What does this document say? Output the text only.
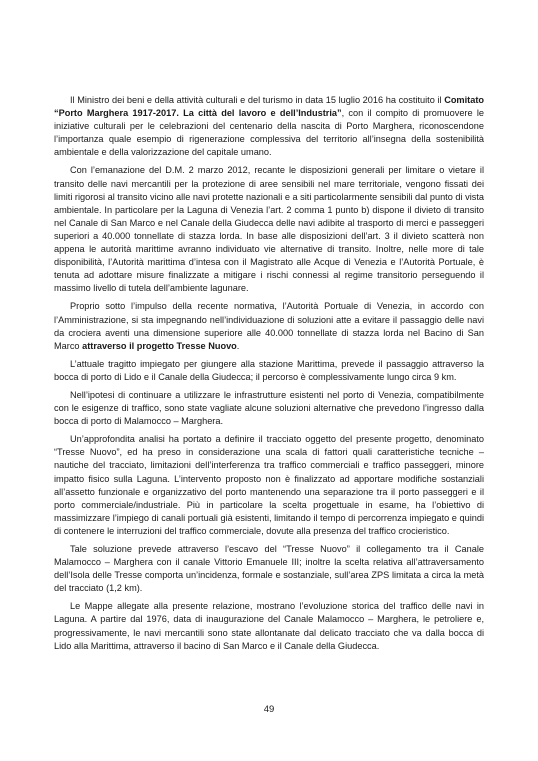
Il Ministro dei beni e della attività culturali e del turismo in data 15 luglio 2016 ha costituito il Comitato “Porto Marghera 1917-2017. La città del lavoro e dell’Industria”, con il compito di promuovere le iniziative culturali per le celebrazioni del centenario della nascita di Porto Marghera, riconoscendone l’importanza quale esempio di rigenerazione complessiva del territorio all’insegna della sostenibilità ambientale e della valorizzazione del capitale umano.

Con l’emanazione del D.M. 2 marzo 2012, recante le disposizioni generali per limitare o vietare il transito delle navi mercantili per la protezione di aree sensibili nel mare territoriale, vengono fissati dei limiti rigorosi al transito vicino alle navi protette nazionali e a siti particolarmente sensibili dal punto di vista ambientale. In particolare per la Laguna di Venezia l’art. 2 comma 1 punto b) dispone il divieto di transito nel Canale di San Marco e nel Canale della Giudecca delle navi adibite al trasporto di merci e passeggeri superiori a 40.000 tonnellate di stazza lorda. In base alle disposizioni dell’art. 3 il divieto scatterà non appena le autorità marittime avranno individuato vie alternative di transito. Inoltre, nelle more di tale disponibilità, l’Autorità marittima d’intesa con il Magistrato alle Acque di Venezia e l’Autorità Portuale, è tenuta ad adottare misure finalizzate a mitigare i rischi connessi al regime transitorio perseguendo il massimo livello di tutela dell’ambiente lagunare.

Proprio sotto l’impulso della recente normativa, l’Autorità Portuale di Venezia, in accordo con l’Amministrazione, si sta impegnando nell’individuazione di soluzioni atte a evitare il passaggio delle navi da crociera aventi una dimensione superiore alle 40.000 tonnellate di stazza lorda nel Bacino di San Marco attraverso il progetto Tresse Nuovo.

L’attuale tragitto impiegato per giungere alla stazione Marittima, prevede il passaggio attraverso la bocca di porto di Lido e il Canale della Giudecca; il percorso è complessivamente lungo circa 9 km.

Nell’ipotesi di continuare a utilizzare le infrastrutture esistenti nel porto di Venezia, compatibilmente con le esigenze di traffico, sono state vagliate alcune soluzioni alternative che prevedono l’ingresso dalla bocca di porto di Malamocco – Marghera.

Un’approfondita analisi ha portato a definire il tracciato oggetto del presente progetto, denominato “Tresse Nuovo”, ed ha preso in considerazione una scala di fattori quali caratteristiche tecniche – nautiche del tracciato, limitazioni dell’interferenza tra traffico commerciali e traffico passeggeri, minore impatto fisico sulla Laguna. L’intervento proposto non è finalizzato ad apportare modifiche sostanziali all’assetto funzionale e organizzativo del porto mantenendo una separazione tra il porto passeggeri e il porto commerciale/industriale. Più in particolare la scelta progettuale in esame, ha l’obiettivo di massimizzare l’impiego di canali portuali già esistenti, limitando il tempo di percorrenza impiegato e quindi di contenere le interruzioni del traffico commerciale, dovute alla presenza del traffico crocieristico.

Tale soluzione prevede attraverso l’escavo del “Tresse Nuovo” il collegamento tra il Canale Malamocco – Marghera con il canale Vittorio Emanuele III; inoltre la scelta relativa all’attraversamento dell’Isola delle Tresse comporta un’incidenza, formale e sostanziale, sull’area ZPS limitata a circa la metà del tracciato (1,2 km).

Le Mappe allegate alla presente relazione, mostrano l’evoluzione storica del traffico delle navi in Laguna. A partire dal 1976, data di inaugurazione del Canale Malamocco – Marghera, le petroliere e, progressivamente, le navi mercantili sono state allontanate dal delicato tracciato che va dalla bocca di Lido alla Marittima, attraverso il bacino di San Marco e il Canale della Giudecca.

49
